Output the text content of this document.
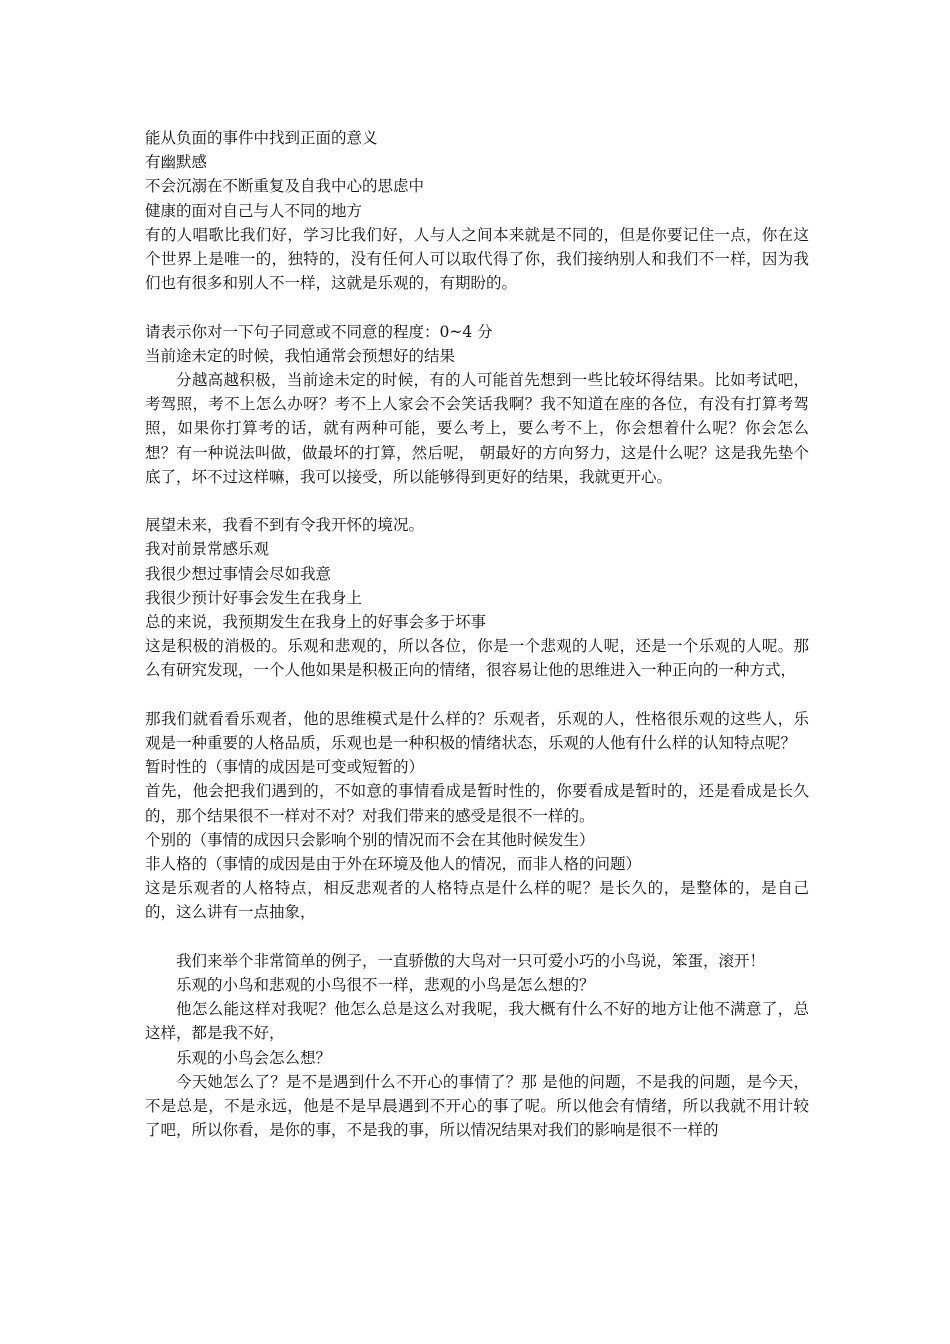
能从负面的事件中找到正面的意义

有幽默感

不会沉溺在不断重复及自我中心的思虑中

健康的面对自己与人不同的地方

有的人唱歌比我们好，学习比我们好，人与人之间本来就是不同的，但是你要记住一点，你在这个世界上是唯一的，独特的，没有任何人可以取代得了你，我们接纳别人和我们不一样，因为我们也有很多和别人不一样，这就是乐观的，有期盼的。

请表示你对一下句子同意或不同意的程度：0~4 分

当前途未定的时候，我怕通常会预想好的结果

分越高越积极，当前途未定的时候，有的人可能首先想到一些比较坏得结果。比如考试吧，考驾照，考不上怎么办呀？考不上人家会不会笑话我啊？我不知道在座的各位，有没有打算考驾照，如果你打算考的话，就有两种可能，要么考上，要么考不上，你会想着什么呢？你会怎么想？有一种说法叫做，做最坏的打算，然后呢， 朝最好的方向努力，这是什么呢？这是我先垫个底了，坏不过这样嘛，我可以接受，所以能够得到更好的结果，我就更开心。

展望未来，我看不到有令我开怀的境况。

我对前景常感乐观

我很少想过事情会尽如我意

我很少预计好事会发生在我身上

总的来说，我预期发生在我身上的好事会多于坏事

这是积极的消极的。乐观和悲观的，所以各位，你是一个悲观的人呢，还是一个乐观的人呢。那么有研究发现，一个人他如果是积极正向的情绪，很容易让他的思维进入一种正向的一种方式，

那我们就看看乐观者，他的思维模式是什么样的？乐观者，乐观的人，性格很乐观的这些人，乐观是一种重要的人格品质，乐观也是一种积极的情绪状态，乐观的人他有什么样的认知特点呢？

暂时性的（事情的成因是可变或短暂的）

首先，他会把我们遇到的，不如意的事情看成是暂时性的，你要看成是暂时的，还是看成是长久的，那个结果很不一样对不对？对我们带来的感受是很不一样的。

个别的（事情的成因只会影响个别的情况而不会在其他时候发生）

非人格的（事情的成因是由于外在环境及他人的情况，而非人格的问题）

这是乐观者的人格特点，相反悲观者的人格特点是什么样的呢？是长久的，是整体的，是自己的，这么讲有一点抽象，

我们来举个非常简单的例子，一直骄傲的大鸟对一只可爱小巧的小鸟说，笨蛋，滚开！

乐观的小鸟和悲观的小鸟很不一样，悲观的小鸟是怎么想的？

他怎么能这样对我呢？他怎么总是这么对我呢，我大概有什么不好的地方让他不满意了，总这样，都是我不好，

乐观的小鸟会怎么想？

今天她怎么了？是不是遇到什么不开心的事情了？那 是他的问题，不是我的问题，是今天，不是总是，不是永远，他是不是早晨遇到不开心的事了呢。所以他会有情绪，所以我就不用计较了吧，所以你看，是你的事，不是我的事，所以情况结果对我们的影响是很不一样的
